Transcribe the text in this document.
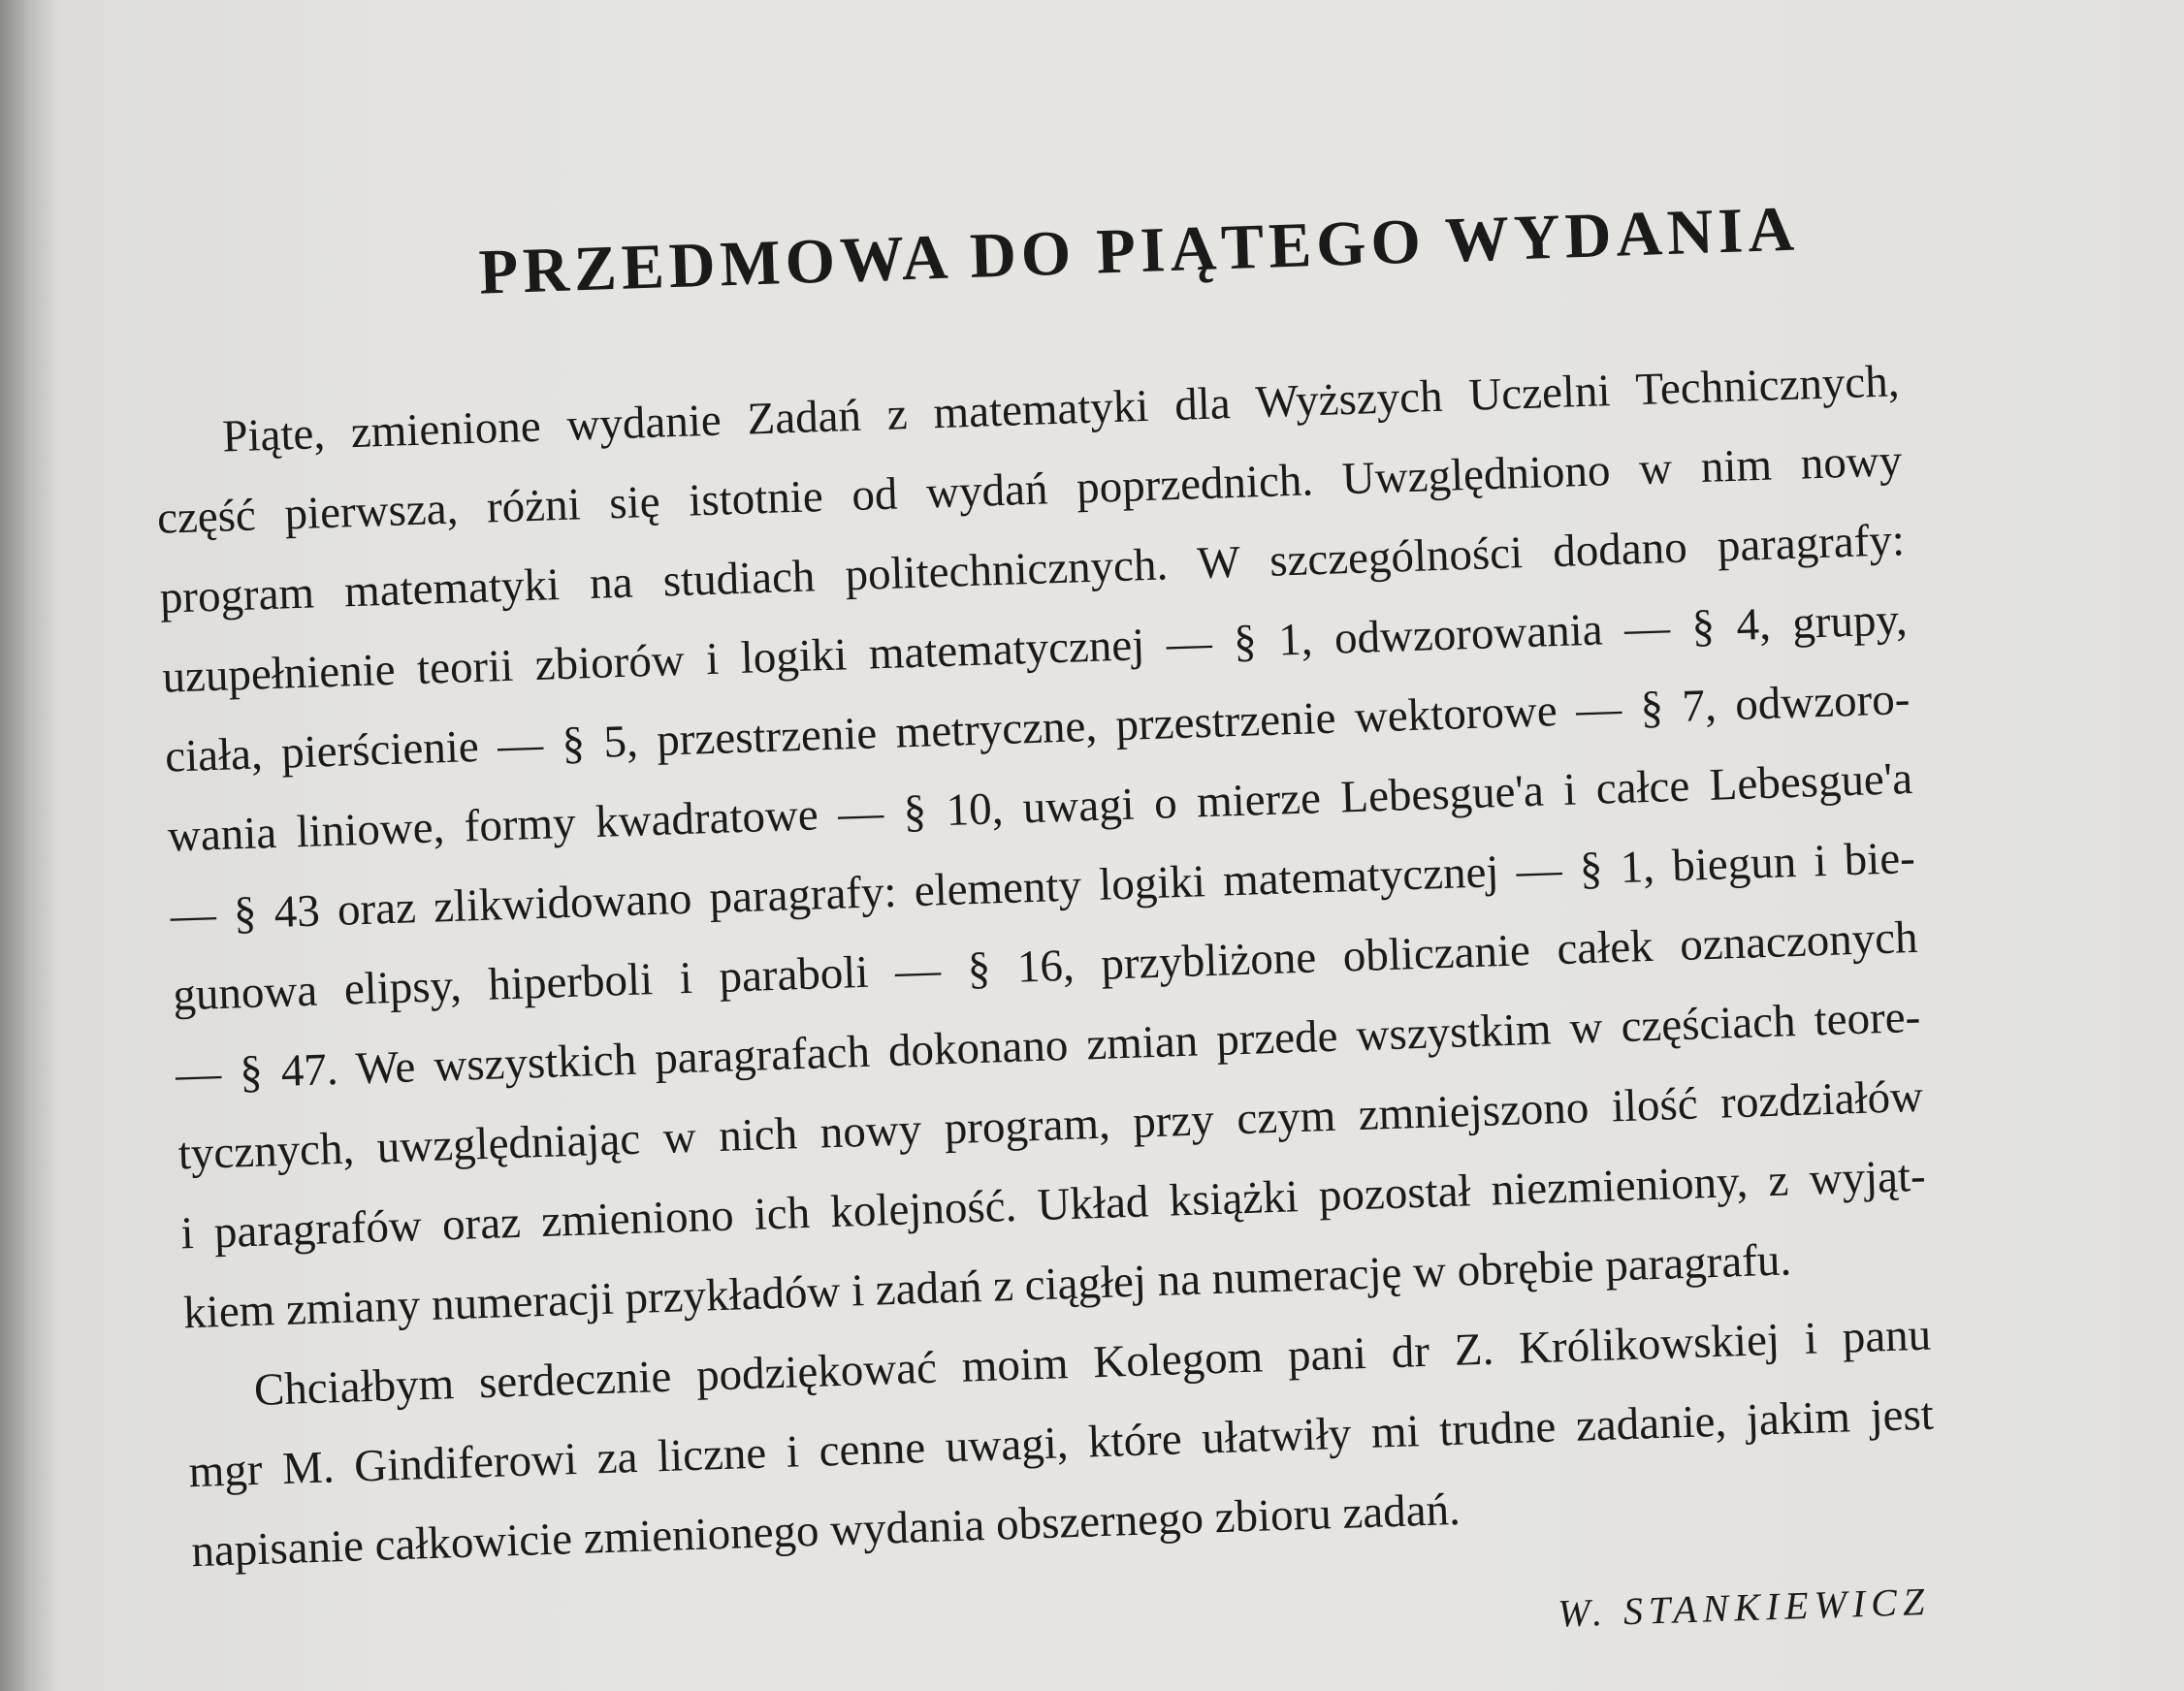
PRZEDMOWA DO PIĄTEGO WYDANIA
Piąte, zmienione wydanie Zadań z matematyki dla Wyższych Uczelni Technicznych,
część pierwsza, różni się istotnie od wydań poprzednich. Uwzględniono w nim nowy
program matematyki na studiach politechnicznych. W szczególności dodano paragrafy:
uzupełnienie teorii zbiorów i logiki matematycznej — § 1, odwzorowania — § 4, grupy,
ciała, pierścienie — § 5, przestrzenie metryczne, przestrzenie wektorowe — § 7, odwzoro-
wania liniowe, formy kwadratowe — § 10, uwagi o mierze Lebesgue'a i całce Lebesgue'a
— § 43 oraz zlikwidowano paragrafy: elementy logiki matematycznej — § 1, biegun i bie-
gunowa elipsy, hiperboli i paraboli — § 16, przybliżone obliczanie całek oznaczonych
— § 47. We wszystkich paragrafach dokonano zmian przede wszystkim w częściach teore-
tycznych, uwzględniając w nich nowy program, przy czym zmniejszono ilość rozdziałów
i paragrafów oraz zmieniono ich kolejność. Układ książki pozostał niezmieniony, z wyjąt-
kiem zmiany numeracji przykładów i zadań z ciągłej na numerację w obrębie paragrafu.
Chciałbym serdecznie podziękować moim Kolegom pani dr Z. Królikowskiej i panu
mgr M. Gindiferowi za liczne i cenne uwagi, które ułatwiły mi trudne zadanie, jakim jest
napisanie całkowicie zmienionego wydania obszernego zbioru zadań.
W. STANKIEWICZ
